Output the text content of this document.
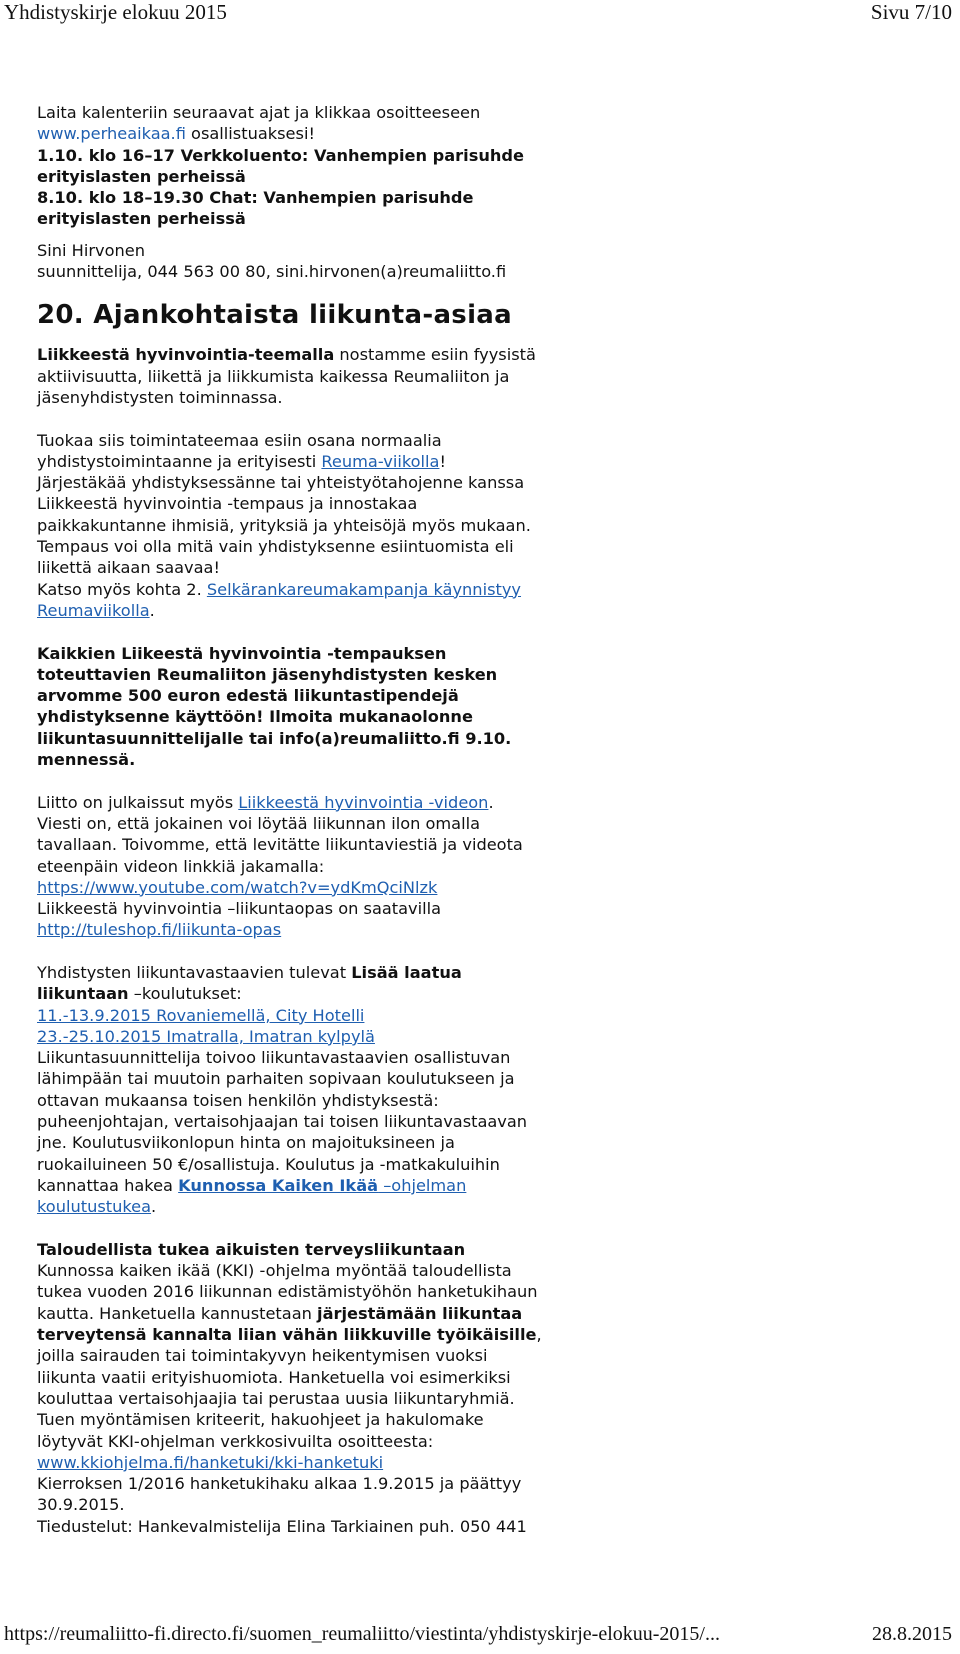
Yhdistyskirje elokuu 2015	Sivu 7/10
Laita kalenteriin seuraavat ajat ja klikkaa osoitteeseen
www.perheaikaa.fi osallistuaksesi!
1.10. klo 16–17 Verkkoluento: Vanhempien parisuhde
erityislasten perheissä
8.10. klo 18–19.30 Chat: Vanhempien parisuhde
erityislasten perheissä
Sini Hirvonen
suunnittelija, 044 563 00 80, sini.hirvonen(a)reumaliitto.fi
20. Ajankohtaista liikunta-asiaa
Liikkeestä hyvinvointia-teemalla nostamme esiin fyysistä
aktiivisuutta, liikettä ja liikkumista kaikessa Reumaliiton ja
jäsenyhdistysten toiminnassa.
Tuokaa siis toimintateemaa esiin osana normaalia
yhdistystoimintaanne ja erityisesti Reuma-viikolla!
Järjestäkää yhdistyksessänne tai yhteistyötahojenne kanssa
Liikkeestä hyvinvointia -tempaus ja innostakaa
paikkakuntanne ihmisiä, yrityksiä ja yhteisöjä myös mukaan.
Tempaus voi olla mitä vain yhdistyksenne esiintuomista eli
liikettä aikaan saavaa!
Katso myös kohta 2. Selkärankareumakampanja käynnistyy
Reumaviikolla.
Kaikkien Liikeestä hyvinvointia -tempauksen
toteuttavien Reumaliiton jäsenyhdistysten kesken
arvomme 500 euron edestä liikuntastipendejä
yhdistyksenne käyttöön! Ilmoita mukanaolonne
liikuntasuunnittelijalle tai info(a)reumaliitto.fi 9.10.
mennessä.
Liitto on julkaissut myös Liikkeestä hyvinvointia -videon.
Viesti on, että jokainen voi löytää liikunnan ilon omalla
tavallaan. Toivomme, että levitätte liikuntaviestiä ja videota
eteenpäin videon linkkiä jakamalla:
https://www.youtube.com/watch?v=ydKmQciNlzk
Liikkeestä hyvinvointia –liikuntaopas on saatavilla
http://tuleshop.fi/liikunta-opas
Yhdistysten liikuntavastaavien tulevat Lisää laatua
liikuntaan –koulutukset:
11.-13.9.2015 Rovaniemellä, City Hotelli
23.-25.10.2015 Imatralla, Imatran kylpylä
Liikuntasuunnittelija toivoo liikuntavastaavien osallistuvan
lähimpään tai muutoin parhaiten sopivaan koulutukseen ja
ottavan mukaansa toisen henkilön yhdistyksestä:
puheenjohtajan, vertaisohjaajan tai toisen liikuntavastaavan
jne. Koulutusviikonlopun hinta on majoituksineen ja
ruokailuineen 50 €/osallistuja. Koulutus ja -matkakuluihin
kannattaa hakea Kunnossa Kaiken Ikää –ohjelman
koulutustukea.
Taloudellista tukea aikuisten terveysliikuntaan
Kunnossa kaiken ikää (KKI) -ohjelma myöntää taloudellista
tukea vuoden 2016 liikunnan edistämistyöhön hanketukihaun
kautta. Hanketuella kannustetaan järjestämään liikuntaa
terveytensä kannalta liian vähän liikkuville työikäisille,
joilla sairauden tai toimintakyvyn heikentymisen vuoksi
liikunta vaatii erityishuomiota. Hanketuella voi esimerkiksi
kouluttaa vertaisohjaajia tai perustaa uusia liikuntaryhmiä.
Tuen myöntämisen kriteerit, hakuohjeet ja hakulomake
löytyvät KKI-ohjelman verkkosivuilta osoitteesta:
www.kkiohjelma.fi/hanketuki/kki-hanketuki
Kierroksen 1/2016 hanketukihaku alkaa 1.9.2015 ja päättyy
30.9.2015.
Tiedustelut: Hankevalmistelija Elina Tarkiainen puh. 050 441
https://reumaliitto-fi.directo.fi/suomen_reumaliitto/viestinta/yhdistyskirje-elokuu-2015/...	28.8.2015
